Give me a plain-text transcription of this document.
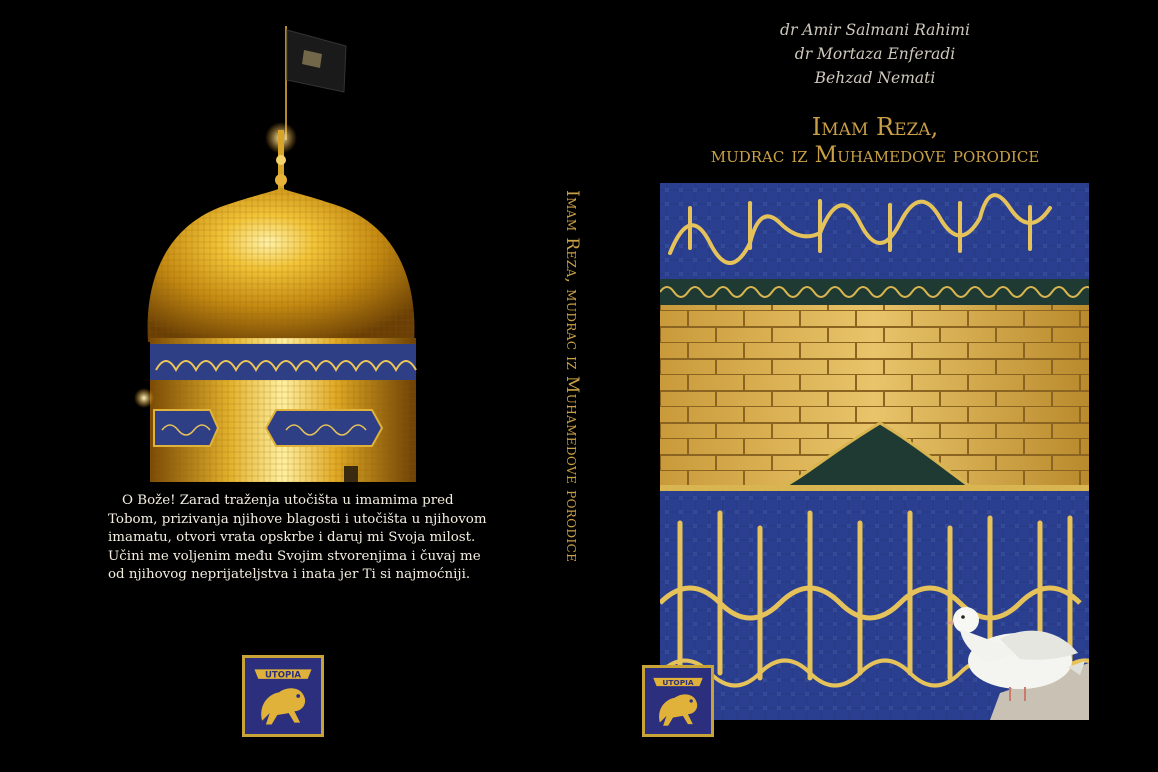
O Bože! Zarad traženja utočišta u imamima pred Tobom, prizivanja njihove blagosti i utočišta u njihovom imamatu, otvori vrata opskrbe i daruj mi Svoja milost. Učini me voljenim među Svojim stvorenjima i čuvaj me od njihovog neprijateljstva i inata jer Ti si najmoćniji.

UTOPIA
Imam Reza, mudrac iz Muhamedove porodice
dr Amir Salmani Rahimi
dr Mortaza Enferadi
Behzad Nemati
Imam Reza,
mudrac iz Muhamedove porodice
UTOPIA
